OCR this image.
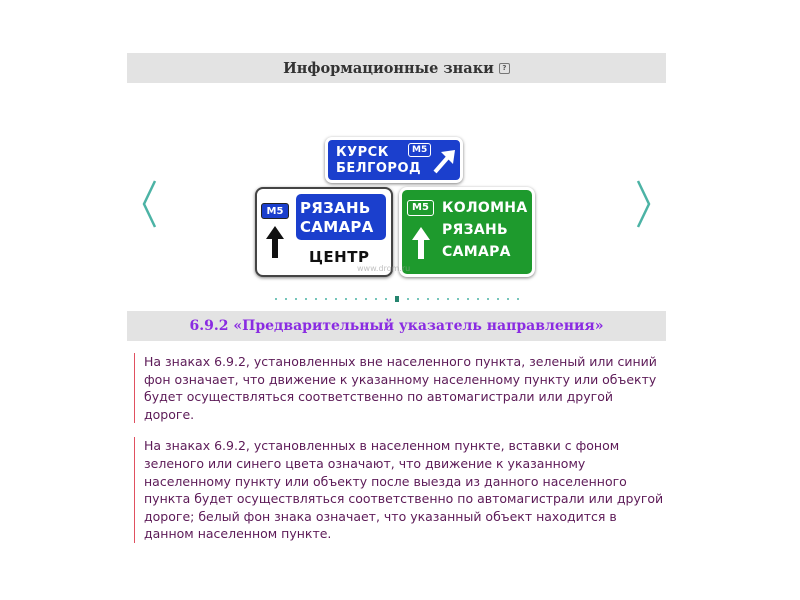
Информационные знаки	?
КУРСК
БЕЛГОРОД
М5
М5	РЯЗАНЬ
САМАРА
ЦЕНТР
М5 КОЛОМНА
РЯЗАНЬ
САМАРА
www.drom.ru
6.9.2 «Предварительный указатель направления»
На знаках 6.9.2, установленных вне населенного пункта, зеленый или синий фон означает, что движение к указанному населенному пункту или объекту будет осуществляться соответственно по автомагистрали или другой дороге.
На знаках 6.9.2, установленных в населенном пункте, вставки с фоном зеленого или синего цвета означают, что движение к указанному населенному пункту или объекту после выезда из данного населенного пункта будет осуществляться соответственно по автомагистрали или другой дороге; белый фон знака означает, что указанный объект находится в данном населенном пункте.
